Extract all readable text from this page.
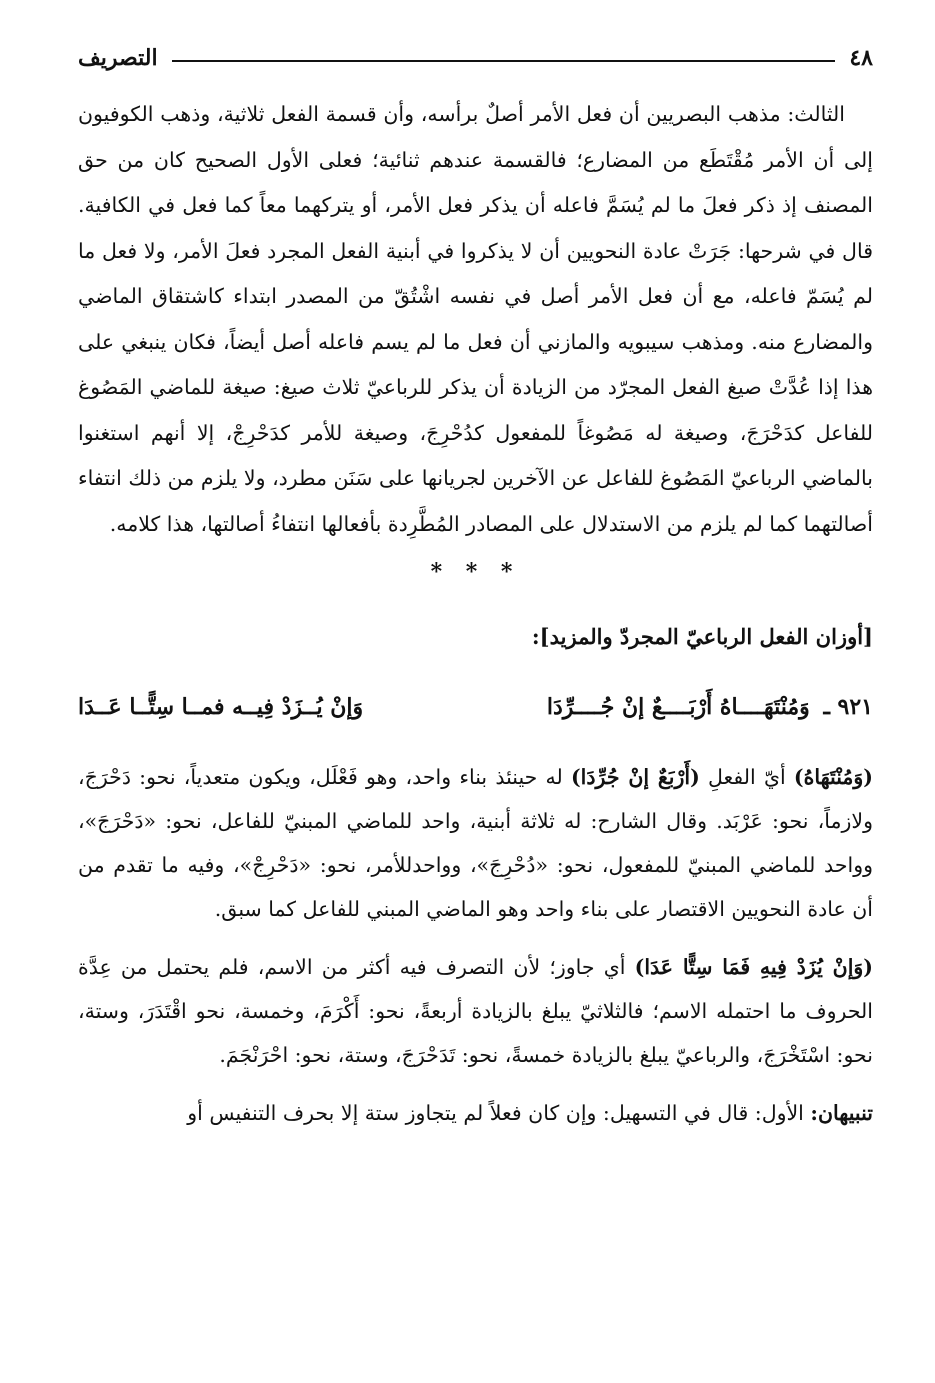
٤٨
التصريف

الثالث: مذهب البصريين أن فعل الأمر أصلٌ برأسه، وأن قسمة الفعل ثلاثية، وذهب الكوفيون إلى أن الأمر مُقْتَطَع من المضارع؛ فالقسمة عندهم ثنائية؛ فعلى الأول الصحيح كان من حق المصنف إذ ذكر فعلَ ما لم يُسَمَّ فاعله أن يذكر فعل الأمر، أو يتركهما معاً كما فعل في الكافية. قال في شرحها: جَرَتْ عادة النحويين أن لا يذكروا في أبنية الفعل المجرد فعلَ الأمر، ولا فعل ما لم يُسَمّ فاعله، مع أن فعل الأمر أصل في نفسه اشْتُقّ من المصدر ابتداء كاشتقاق الماضي والمضارع منه. ومذهب سيبويه والمازني أن فعل ما لم يسم فاعله أصل أيضاً، فكان ينبغي على هذا إذا عُدَّتْ صيغ الفعل المجرّد من الزيادة أن يذكر للرباعيّ ثلاث صيغ: صيغة للماضي المَصُوغ للفاعل كدَحْرَجَ، وصيغة له مَصُوغاً للمفعول كدُحْرِجَ، وصيغة للأمر كدَحْرِجْ، إلا أنهم استغنوا بالماضي الرباعيّ المَصُوغ للفاعل عن الآخرين لجريانها على سَنَن مطرد، ولا يلزم من ذلك انتفاء أصالتهما كما لم يلزم من الاستدلال على المصادر المُطَّرِدة بأفعالها انتفاءُ أصالتها، هذا كلامه.

* * *
[أوزان الفعل الرباعيّ المجردّ والمزيد]:
٩٢١ ـ وَمُنْتَهَــــاهُ أَرْبَــــعٌ إنْ جُــــرِّدَا
وَإنْ يُــزَدْ فِيــه فمــا سِتًّــا عَــدَا

(وَمُنْتَهَاهُ) أيّ الفعلِ (أَرْبَعٌ إنْ جُرِّدَا) له حينئذ بناء واحد، وهو فَعْلَل، ويكون متعدياً، نحو: دَحْرَجَ، ولازماً، نحو: عَرْبَد. وقال الشارح: له ثلاثة أبنية، واحد للماضي المبنيّ للفاعل، نحو: «دَحْرَجَ»، وواحد للماضي المبنيّ للمفعول، نحو: «دُحْرِجَ»، وواحدللأمر، نحو: «دَحْرِجْ»، وفيه ما تقدم من أن عادة النحويين الاقتصار على بناء واحد وهو الماضي المبني للفاعل كما سبق.

(وَإنْ يُزَدْ فِيهِ فَمَا سِتًّا عَدَا) أي جاوز؛ لأن التصرف فيه أكثر من الاسم، فلم يحتمل من عِدَّة الحروف ما احتمله الاسم؛ فالثلاثيّ يبلغ بالزيادة أربعةً، نحو: أَكْرَمَ، وخمسة، نحو اقْتَدَرَ، وستة، نحو: اسْتَخْرَجَ، والرباعيّ يبلغ بالزيادة خمسةً، نحو: تَدَحْرَجَ، وستة، نحو: احْرَنْجَمَ.

تنبيهان: الأول: قال في التسهيل: وإن كان فعلاً لم يتجاوز ستة إلا بحرف التنفيس أو
